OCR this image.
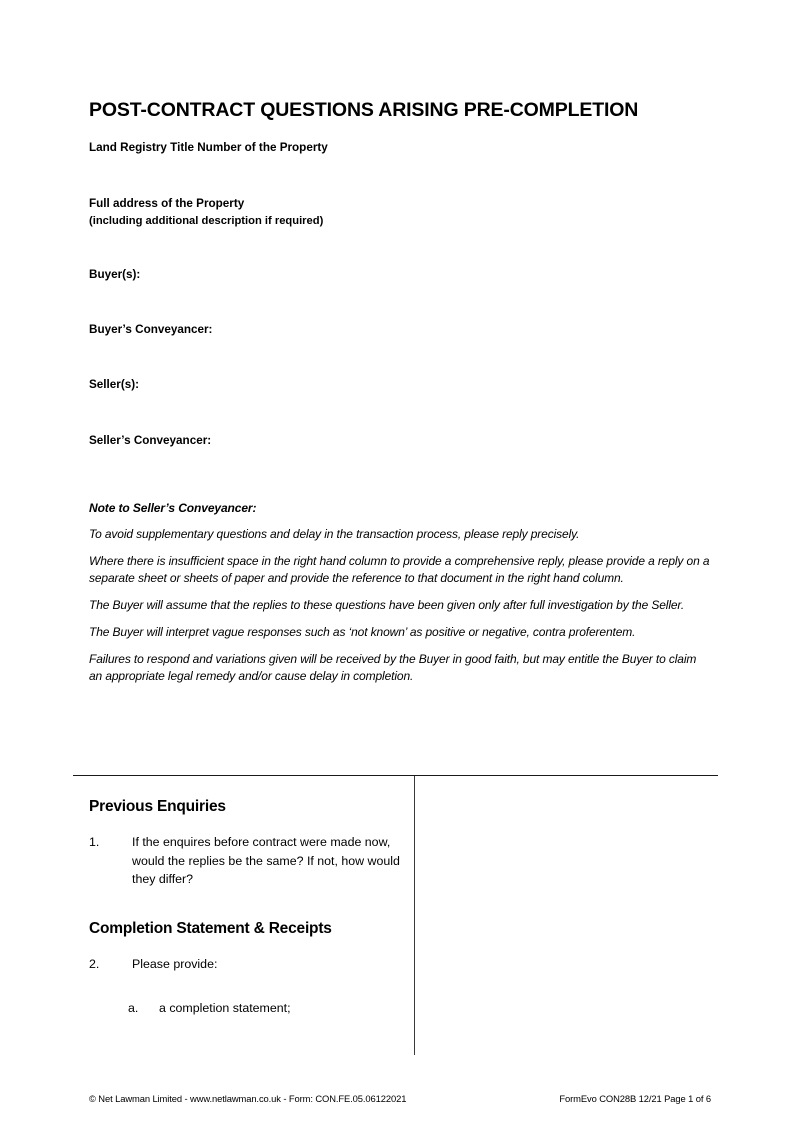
POST-CONTRACT QUESTIONS ARISING PRE-COMPLETION
Land Registry Title Number of the Property
Full address of the Property
(including additional description if required)
Buyer(s):
Buyer’s Conveyancer:
Seller(s):
Seller’s Conveyancer:

Note to Seller’s Conveyancer:

To avoid supplementary questions and delay in the transaction process, please reply precisely.

Where there is insufficient space in the right hand column to provide a comprehensive reply, please provide a reply on a separate sheet or sheets of paper and provide the reference to that document in the right hand column.

The Buyer will assume that the replies to these questions have been given only after full investigation by the Seller.

The Buyer will interpret vague responses such as ‘not known’ as positive or negative, contra proferentem.

Failures to respond and variations given will be received by the Buyer in good faith, but may entitle the Buyer to claim an appropriate legal remedy and/or cause delay in completion.

Previous Enquiries

1.	If the enquires before contract were made now, would the replies be the same? If not, how would they differ?

Completion Statement & Receipts

2.	Please provide:

a. a completion statement;

© Net Lawman Limited - www.netlawman.co.uk - Form: CON.FE.05.06122021	FormEvo CON28B 12/21 Page 1 of 6
